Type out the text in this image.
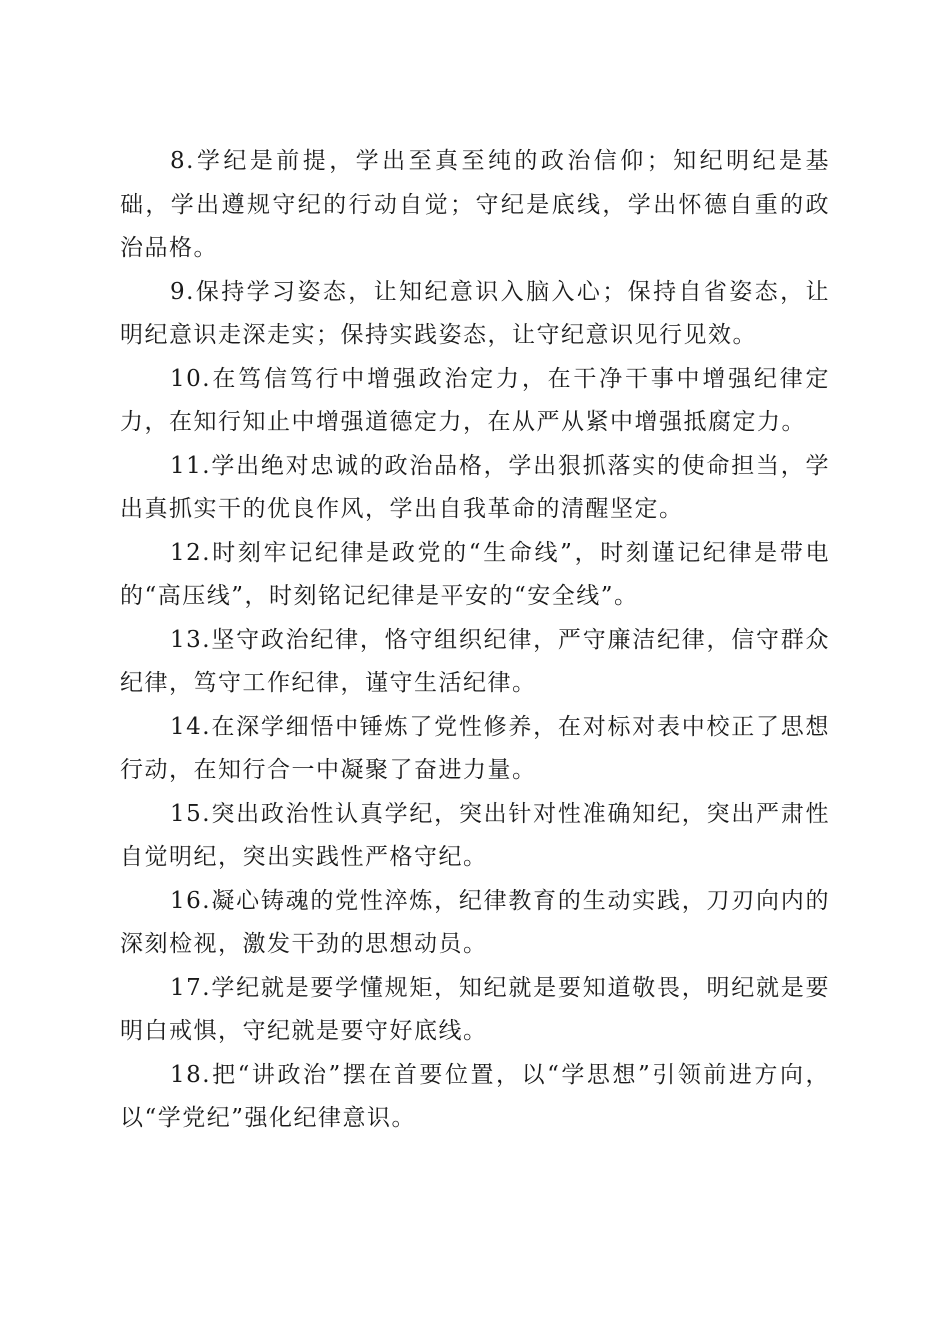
8.学纪是前提，学出至真至纯的政治信仰；知纪明纪是基础，学出遵规守纪的行动自觉；守纪是底线，学出怀德自重的政治品格。

9.保持学习姿态，让知纪意识入脑入心；保持自省姿态，让明纪意识走深走实；保持实践姿态，让守纪意识见行见效。

10.在笃信笃行中增强政治定力，在干净干事中增强纪律定力，在知行知止中增强道德定力，在从严从紧中增强抵腐定力。

11.学出绝对忠诚的政治品格，学出狠抓落实的使命担当，学出真抓实干的优良作风，学出自我革命的清醒坚定。

12.时刻牢记纪律是政党的“生命线”，时刻谨记纪律是带电的“高压线”，时刻铭记纪律是平安的“安全线”。

13.坚守政治纪律，恪守组织纪律，严守廉洁纪律，信守群众纪律，笃守工作纪律，谨守生活纪律。

14.在深学细悟中锤炼了党性修养，在对标对表中校正了思想行动，在知行合一中凝聚了奋进力量。

15.突出政治性认真学纪，突出针对性准确知纪，突出严肃性自觉明纪，突出实践性严格守纪。

16.凝心铸魂的党性淬炼，纪律教育的生动实践，刀刃向内的深刻检视，激发干劲的思想动员。

17.学纪就是要学懂规矩，知纪就是要知道敬畏，明纪就是要明白戒惧，守纪就是要守好底线。

18.把“讲政治”摆在首要位置，以“学思想”引领前进方向，以“学党纪”强化纪律意识。
